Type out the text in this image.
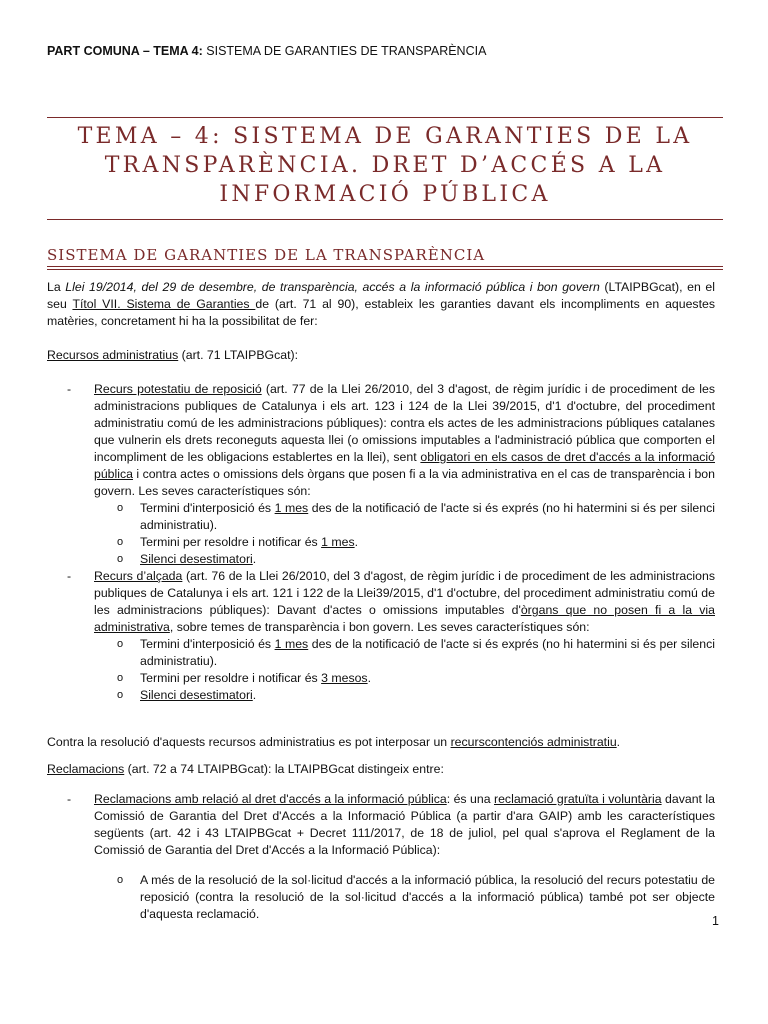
PART COMUNA – TEMA 4: SISTEMA DE GARANTIES DE TRANSPARÈNCIA
TEMA – 4: SISTEMA DE GARANTIES DE LA
TRANSPARÈNCIA. DRET D’ACCÉS A LA
INFORMACIÓ PÚBLICA
SISTEMA DE GARANTIES DE LA TRANSPARÈNCIA

La Llei 19/2014, del 29 de desembre, de transparència, accés a la informació pública i bon govern (LTAIPBGcat), en el seu Títol VII. Sistema de Garanties de (art. 71 al 90), estableix les garanties davant els incompliments en aquestes matèries, concretament hi ha la possibilitat de fer:

Recursos administratius (art. 71 LTAIPBGcat):

- Recurs potestatiu de reposició (art. 77 de la Llei 26/2010, del 3 d'agost, de règim jurídic i de procediment de les administracions publiques de Catalunya i els art. 123 i 124 de la Llei 39/2015, d'1 d'octubre, del procediment administratiu comú de les administracions públiques): contra els actes de les administracions públiques catalanes que vulnerin els drets reconeguts aquesta llei (o omissions imputables a l'administració pública que comporten el incompliment de les obligacions establertes en la llei), sent obligatori en els casos de dret d'accés a la informació pública i contra actes o omissions dels òrgans que posen fi a la via administrativa en el cas de transparència i bon govern. Les seves característiques són:
o Termini d'interposició és 1 mes des de la notificació de l'acte si és exprés (no hi hatermini si és per silenci administratiu).
o Termini per resoldre i notificar és 1 mes.
o Silenci desestimatori.
- Recurs d’alçada (art. 76 de la Llei 26/2010, del 3 d'agost, de règim jurídic i de procediment de les administracions publiques de Catalunya i els art. 121 i 122 de la Llei39/2015, d'1 d'octubre, del procediment administratiu comú de les administracions públiques): Davant d'actes o omissions imputables d'òrgans que no posen fi a la via administrativa, sobre temes de transparència i bon govern. Les seves característiques són:
o Termini d'interposició és 1 mes des de la notificació de l'acte si és exprés (no hi hatermini si és per silenci administratiu).
o Termini per resoldre i notificar és 3 mesos.
o Silenci desestimatori.

Contra la resolució d'aquests recursos administratius es pot interposar un recurscontenciós administratiu.

Reclamacions (art. 72 a 74 LTAIPBGcat): la LTAIPBGcat distingeix entre:

- Reclamacions amb relació al dret d'accés a la informació pública: és una reclamació gratuïta i voluntària davant la Comissió de Garantia del Dret d'Accés a la Informació Pública (a partir d'ara GAIP) amb les característiques següents (art. 42 i 43 LTAIPBGcat + Decret 111/2017, de 18 de juliol, pel qual s'aprova el Reglament de la Comissió de Garantia del Dret d'Accés a la Informació Pública):
o A més de la resolució de la sol·licitud d'accés a la informació pública, la resolució del recurs potestatiu de reposició (contra la resolució de la sol·licitud d'accés a la informació pública) també pot ser objecte d'aquesta reclamació.	1
